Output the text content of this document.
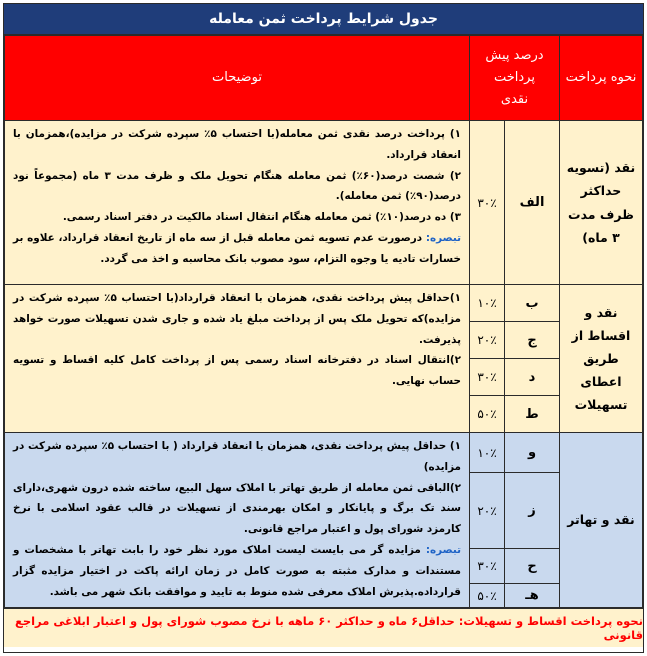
جدول شرایط پرداخت ثمن معامله
نحوه پرداخت	درصد پیش پرداخت نقدی		توضیحات
نقد (تسویه حداکثر ظرف مدت ۳ ماه)	الف	۳۰٪	۱) پرداخت درصد نقدی ثمن معامله(با احتساب ۵٪ سپرده شرکت در مزایده)،همزمان با انعقاد قرارداد.

۲) شصت درصد(۶۰٪) ثمن معامله هنگام تحویل ملک و ظرف مدت ۳ ماه (مجموعاً نود درصد(۹۰٪) ثمن معامله).

۳) ده درصد(۱۰٪) ثمن معامله هنگام انتقال اسناد مالکیت در دفتر اسناد رسمی.

تبصره: درصورت عدم تسویه ثمن معامله قبل از سه ماه از تاریخ انعقاد قرارداد، علاوه بر خسارات تادیه یا وجوه التزام، سود مصوب بانک محاسبه و اخذ می گردد.

نقد و اقساط از طریق اعطای تسهیلات	ب	۱۰٪	۱)حداقل پیش پرداخت نقدی، همزمان با انعقاد قرارداد(با احتساب ۵٪ سپرده شرکت در مزایده)که تحویل ملک پس از پرداخت مبلغ یاد شده و جاری شدن تسهیلات صورت خواهد پذیرفت.

۲)انتقال اسناد در دفترخانه اسناد رسمی پس از پرداخت کامل کلیه اقساط و تسویه حساب نهایی.

	ج	۲۰٪	
	د	۳۰٪	
	ط	۵۰٪	
نقد و تهاتر	و	۱۰٪	۱) حداقل پیش پرداخت نقدی، همزمان با انعقاد قرارداد ( با احتساب ۵٪ سپرده شرکت در مزایده)

۲)الباقی ثمن معامله از طریق تهاتر با املاک سهل البیع، ساخته شده درون شهری،دارای سند تک برگ و پایانکار و امکان بهرمندی از تسهیلات در قالب عقود اسلامی با نرخ کارمزد شورای پول و اعتبار مراجع قانونی.

تبصره: مزایده گر می بایست لیست املاک مورد نظر خود را بابت تهاتر با مشخصات و مستندات و مدارک مثبته به صورت کامل در زمان ارائه پاکت در اختیار مزایده گزار قرارداده.پذیرش املاک معرفی شده منوط به تایید و موافقت بانک شهر می باشد.

	ز	۲۰٪	
	ح	۳۰٪	
	هـ	۵۰٪	
نحوه پرداخت اقساط و تسهیلات: حداقل۶ ماه و حداکثر ۶۰ ماهه با نرخ مصوب شورای پول و اعتبار ابلاغی مراجع قانونی
